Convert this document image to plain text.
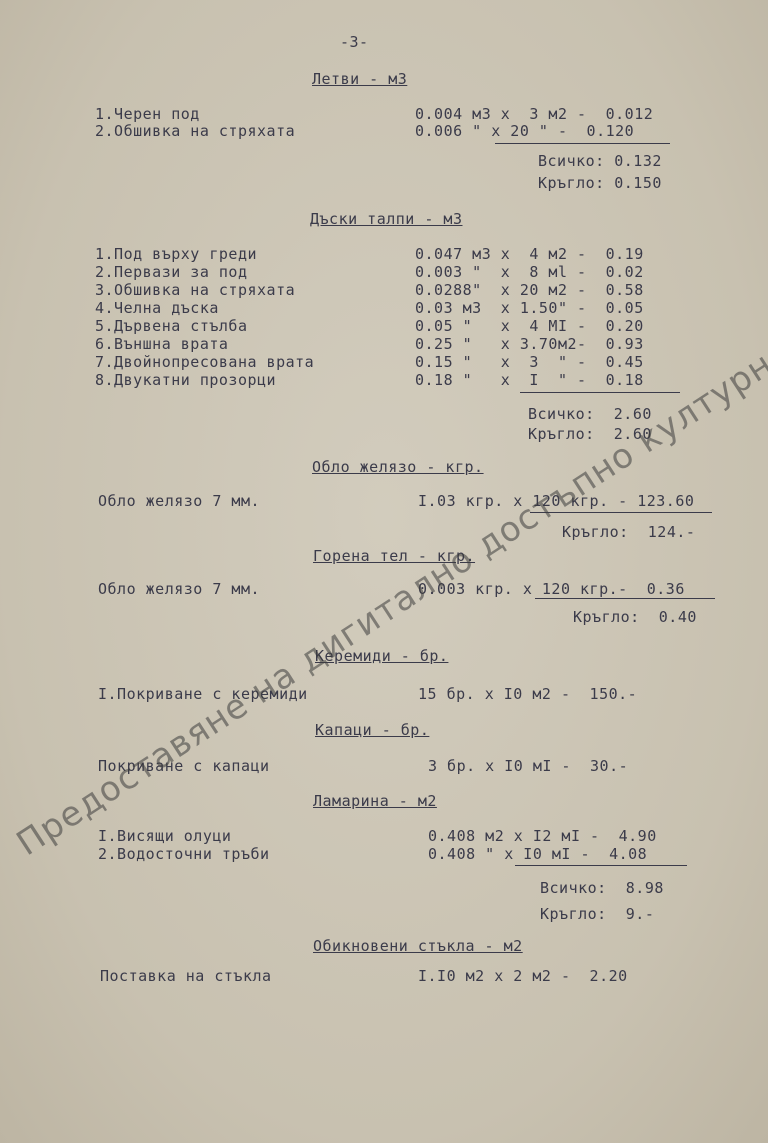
-3-
Летви - м3
1.Черен под	0.004 м3 х  3 м2 -  0.012
2.Обшивка на стряхата	0.006 " х 20 " -  0.120
Всичко: 0.132
Кръгло: 0.150
Дъски талпи - м3
1.Под върху греди	0.047 м3 х  4 м2 -  0.19
2.Первази за под	0.003 "  х  8 мl -  0.02
3.Обшивка на стряхата	0.0288"  х 20 м2 -  0.58
4.Челна дъска	0.03 м3  х 1.50" -  0.05
5.Дървена стълба	0.05 "   х  4 МI -  0.20
6.Външна врата	0.25 "   х 3.70м2-  0.93
7.Двойнопресована врата	0.15 "   х  3  " -  0.45
8.Двукатни прозорци	0.18 "   х  I  " -  0.18
Всичко:  2.60
Кръгло:  2.60
Обло желязо - кгр.
Обло желязо 7 мм.	I.03 кгр. х 120 кгр. - 123.60
Кръгло:  124.-
Горена тел - кгр.
Обло желязо 7 мм.	0.003 кгр. х 120 кгр.-  0.36
Кръгло:  0.40
Керемиди - бр.
I.Покриване с керемиди	15 бр. х I0 м2 -  150.-
Капаци - бр.
Покриване с капаци	3 бр. х I0 мI -  30.-
Ламарина - м2
I.Висящи олуци	0.408 м2 х I2 мI -  4.90
2.Водосточни тръби	0.408 " х I0 мI -  4.08
Всичко:  8.98
Кръгло:  9.-
Обикновени стъкла - м2
Поставка на стъкла	I.I0 м2 х 2 м2 -  2.20
